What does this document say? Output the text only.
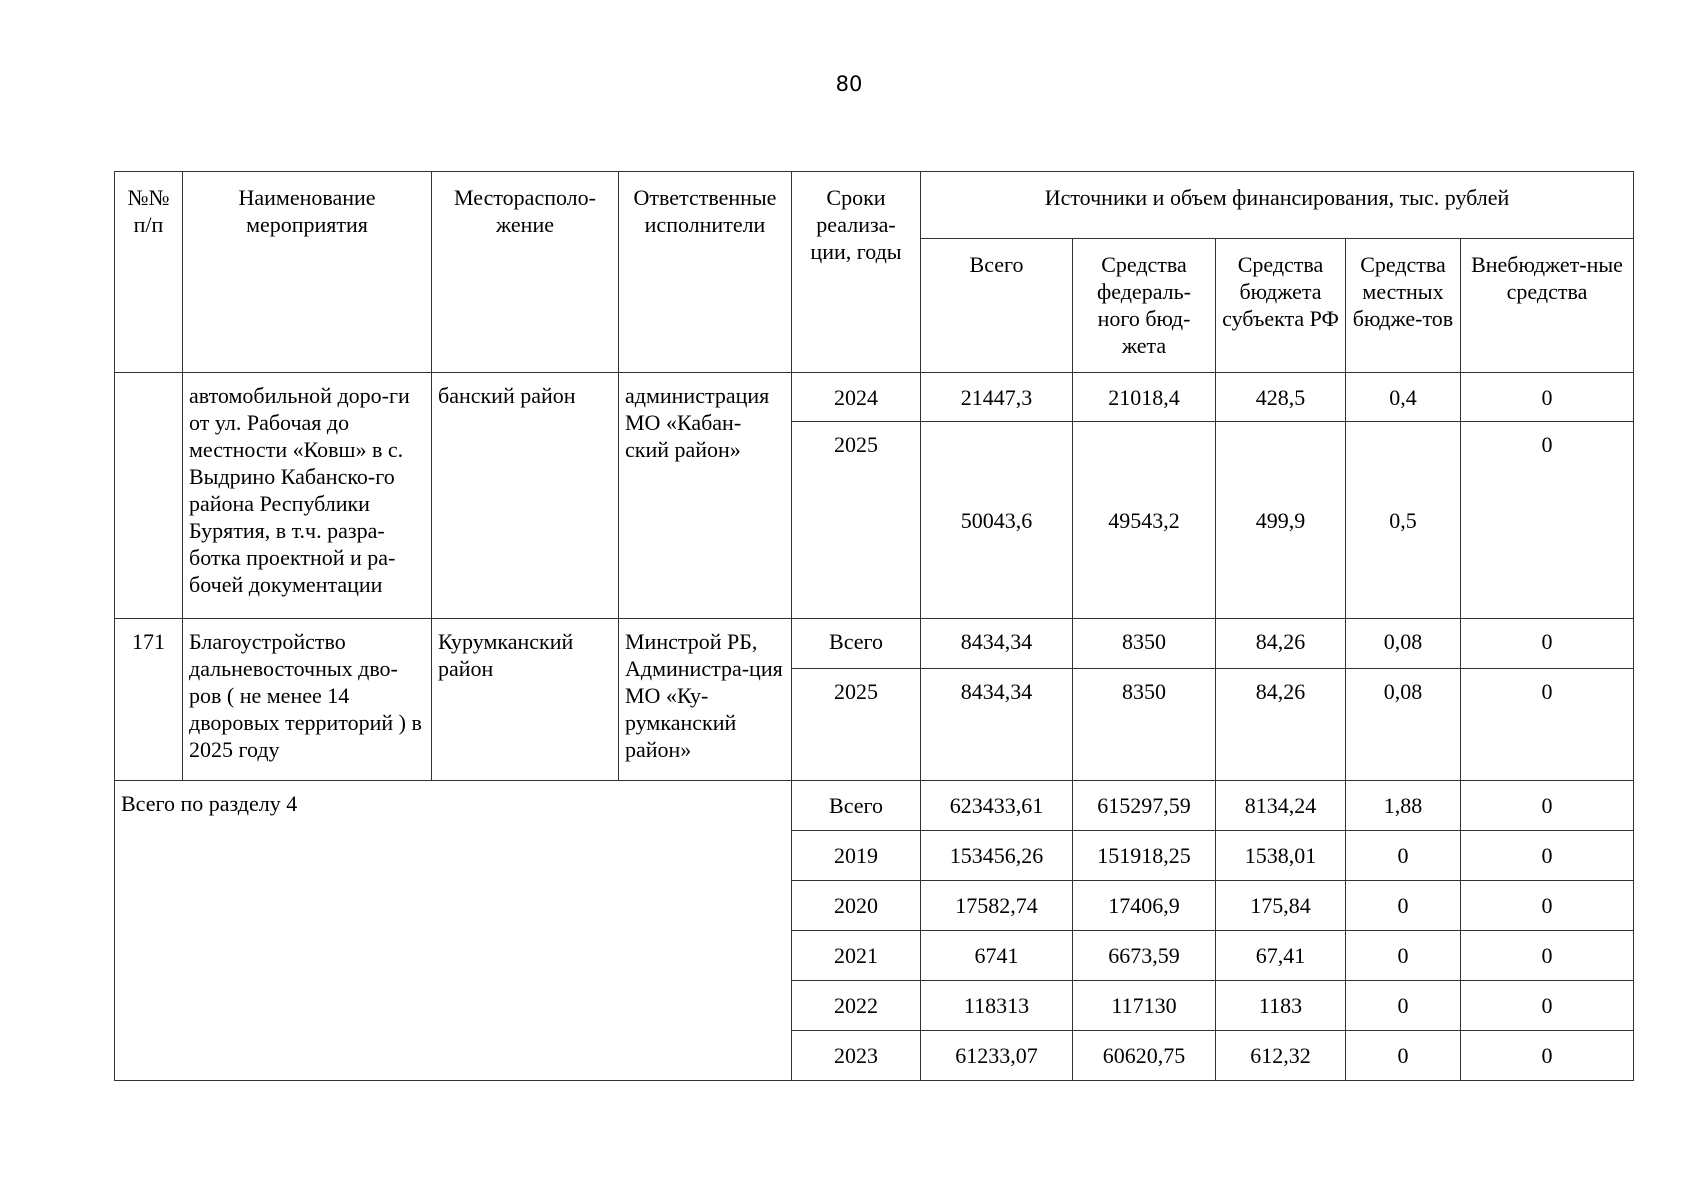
80
№№ п/п	Наименование мероприятия	Месторасполо-жение	Ответственные исполнители	Сроки реализа-ции, годы	Источники и объем финансирования, тыс. рублей				
					Всего	Средства федераль-ного бюд-жета	Средства бюджета субъекта РФ	Средства местных бюдже-тов	Внебюджет-ные средства
	автомобильной доро-ги от ул. Рабочая до местности «Ковш» в с. Выдрино Кабанско-го района Республики Бурятия, в т.ч. разра-ботка проектной и ра-бочей документации	банский район	администрация МО «Кабан-ский район»	2024	21447,3	21018,4	428,5	0,4	0
				2025	50043,6	49543,2	499,9	0,5	0
171	Благоустройство дальневосточных дво-ров ( не менее 14 дворовых территорий ) в 2025 году	Курумканский район	Минстрой РБ, Администра-ция МО «Ку-румканский район»	Всего	8434,34	8350	84,26	0,08	0
				2025	8434,34	8350	84,26	0,08	0
Всего по разделу 4				Всего	623433,61	615297,59	8134,24	1,88	0
				2019	153456,26	151918,25	1538,01	0	0
				2020	17582,74	17406,9	175,84	0	0
				2021	6741	6673,59	67,41	0	0
				2022	118313	117130	1183	0	0
				2023	61233,07	60620,75	612,32	0	0
